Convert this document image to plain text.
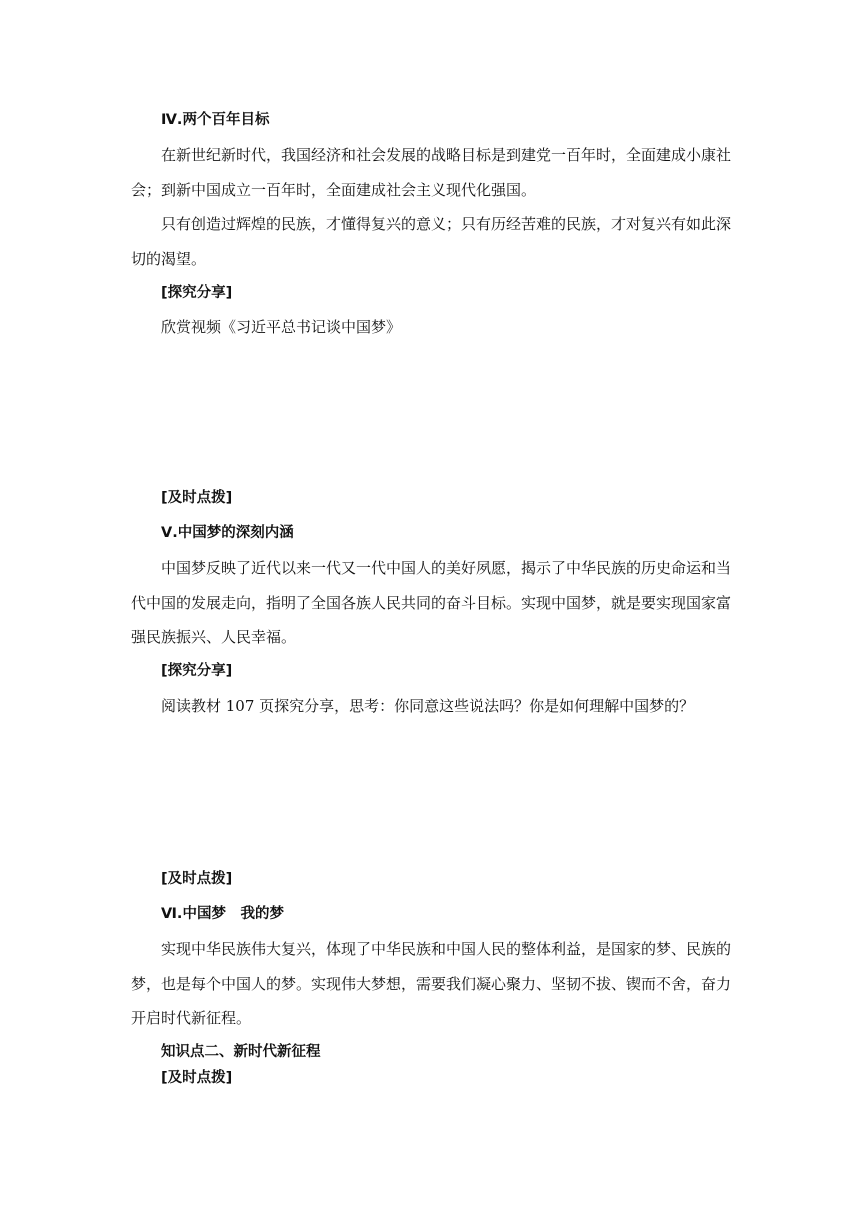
Ⅳ.两个百年目标
在新世纪新时代，我国经济和社会发展的战略目标是到建党一百年时，全面建成小康社
会；到新中国成立一百年时，全面建成社会主义现代化强国。
只有创造过辉煌的民族，才懂得复兴的意义；只有历经苦难的民族，才对复兴有如此深
切的渴望。
[探究分享]
欣赏视频《习近平总书记谈中国梦》
[及时点拨]
Ⅴ.中国梦的深刻内涵
中国梦反映了近代以来一代又一代中国人的美好夙愿，揭示了中华民族的历史命运和当
代中国的发展走向，指明了全国各族人民共同的奋斗目标。实现中国梦，就是要实现国家富
强民族振兴、人民幸福。
[探究分享]
阅读教材 107 页探究分享，思考：你同意这些说法吗？你是如何理解中国梦的？
[及时点拨]
Ⅵ.中国梦　我的梦
实现中华民族伟大复兴，体现了中华民族和中国人民的整体利益，是国家的梦、民族的
梦，也是每个中国人的梦。实现伟大梦想，需要我们凝心聚力、坚韧不拔、锲而不舍，奋力
开启时代新征程。
知识点二、新时代新征程
[及时点拨]
